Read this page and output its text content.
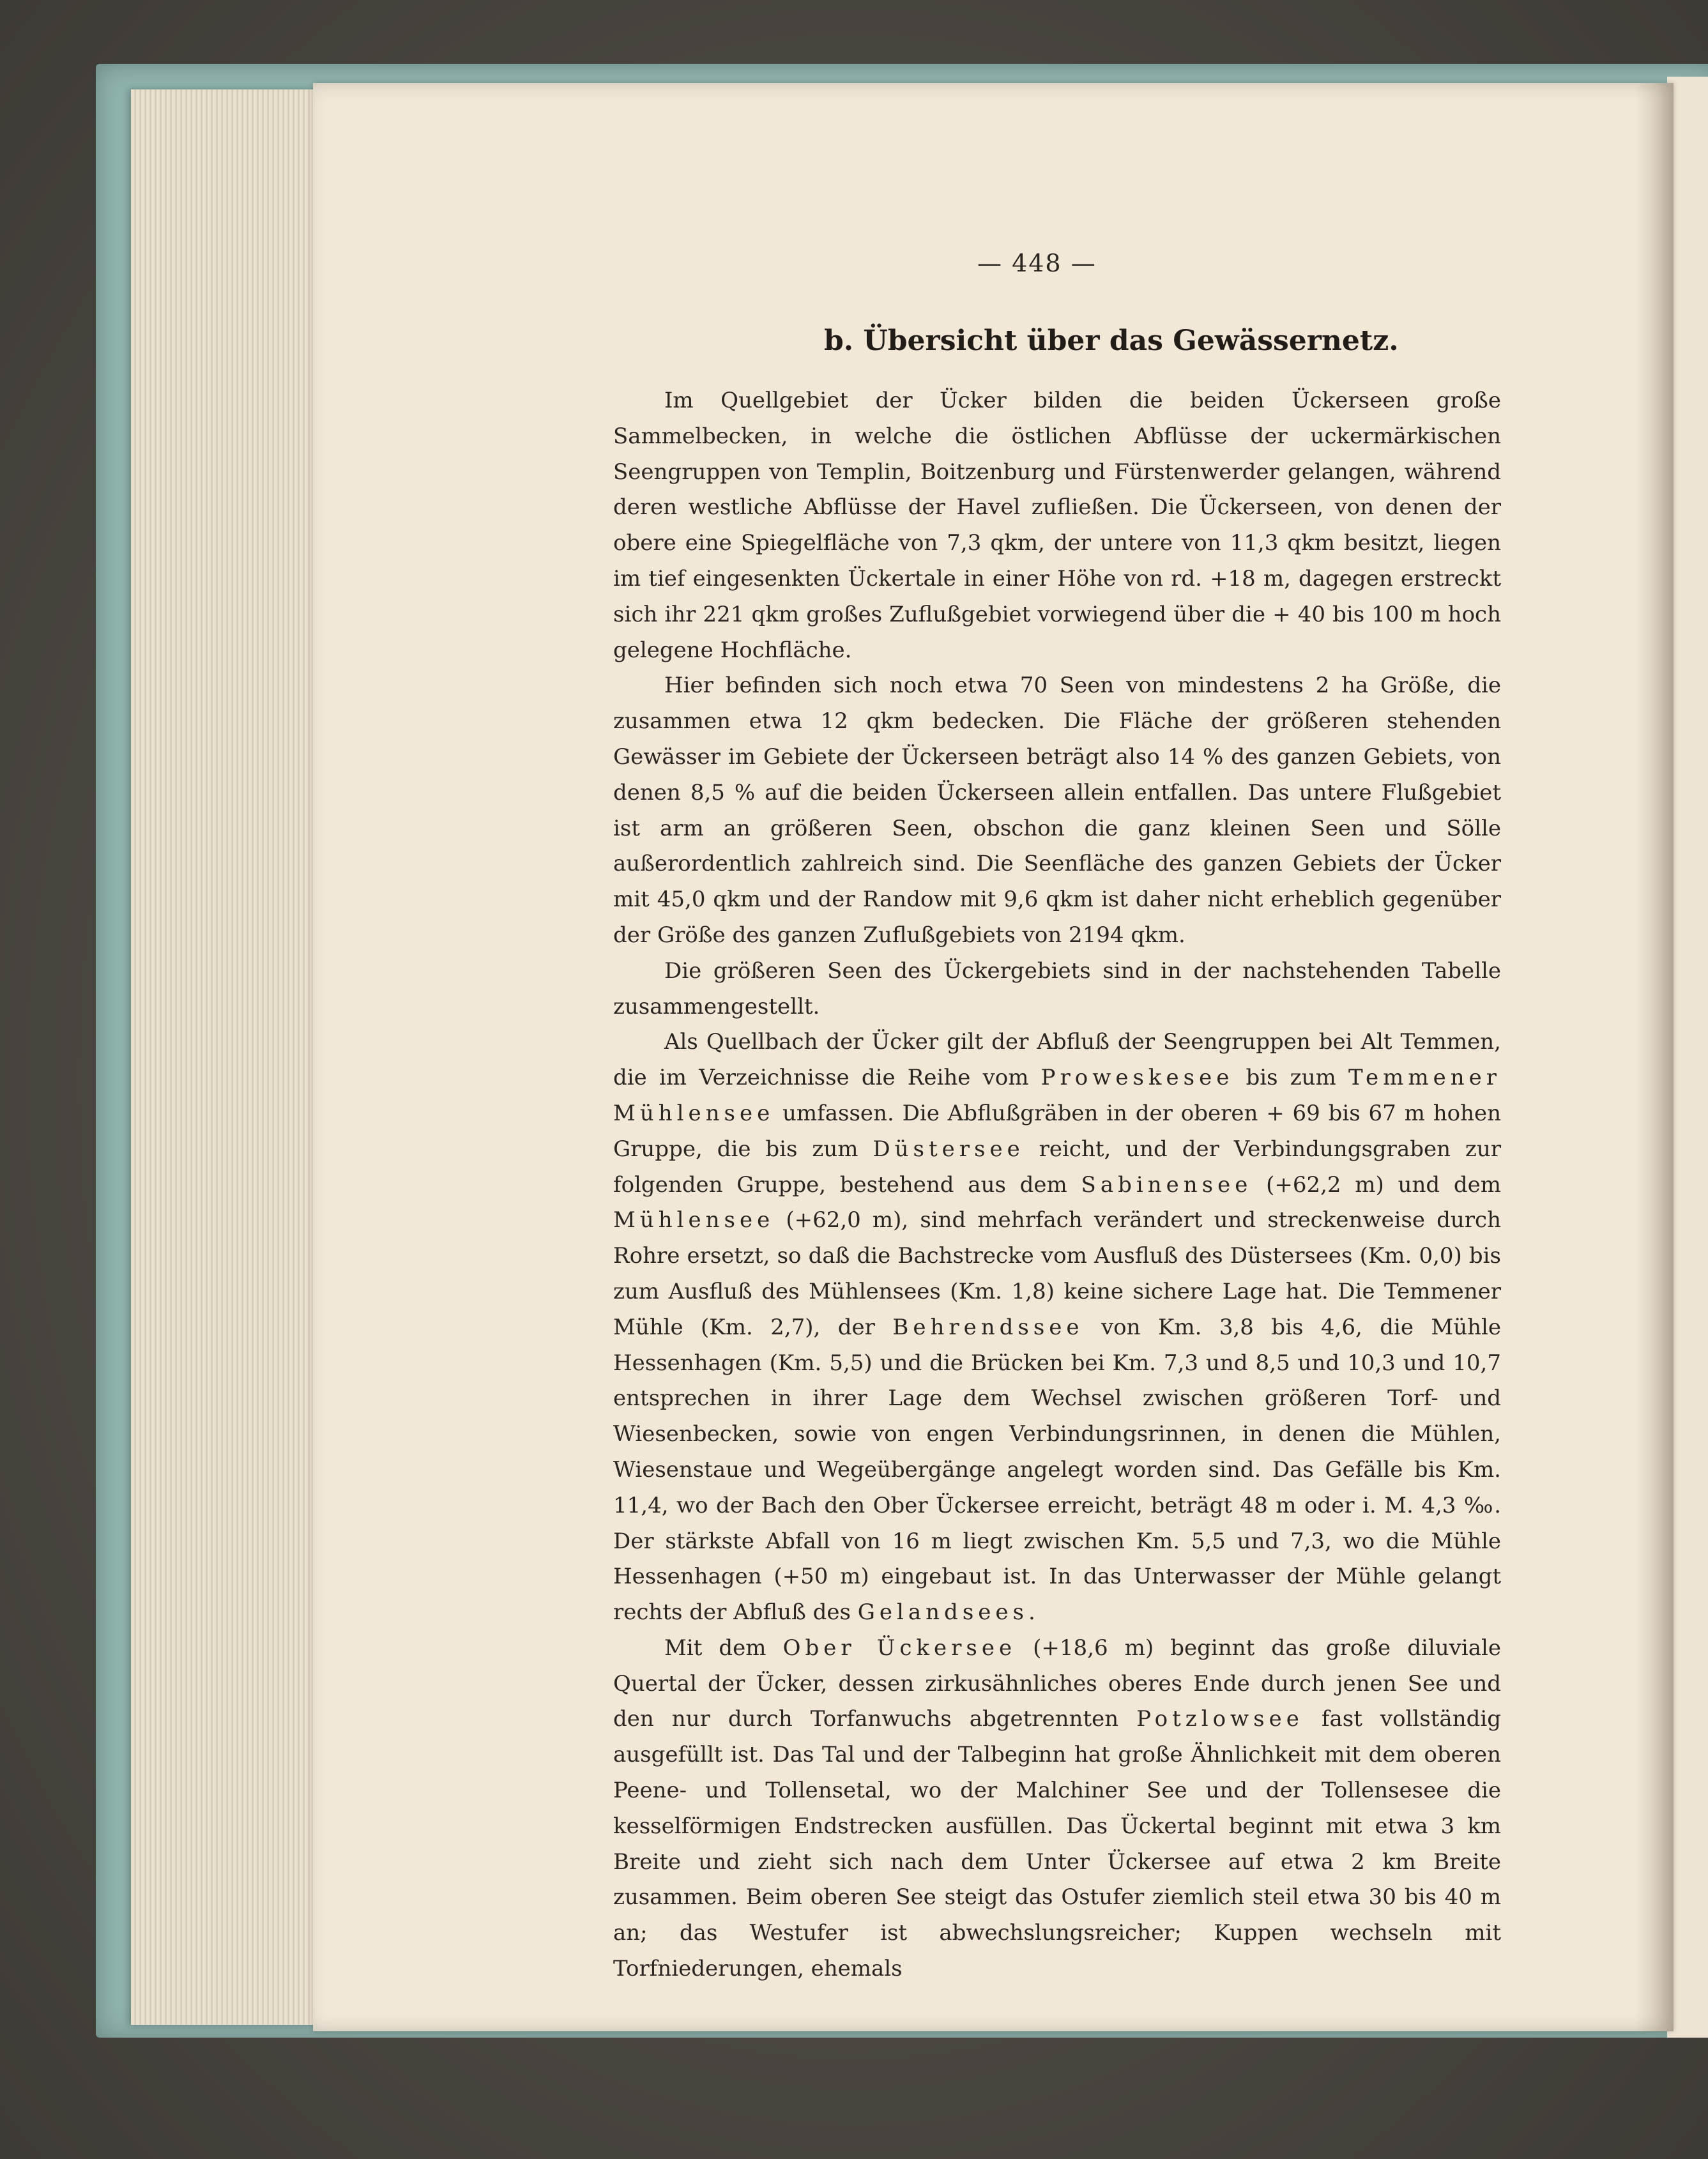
— 448 —
b. Übersicht über das Gewässernetz.

Im Quellgebiet der Ücker bilden die beiden Ückerseen große Sammelbecken, in welche die östlichen Abflüsse der uckermärkischen Seengruppen von Templin, Boitzenburg und Fürstenwerder gelangen, während deren westliche Abflüsse der Havel zufließen. Die Ückerseen, von denen der obere eine Spiegelfläche von 7,3 qkm, der untere von 11,3 qkm besitzt, liegen im tief eingesenkten Ückertale in einer Höhe von rd. +18 m, dagegen erstreckt sich ihr 221 qkm großes Zuflußgebiet vorwiegend über die + 40 bis 100 m hoch gelegene Hochfläche.

Hier befinden sich noch etwa 70 Seen von mindestens 2 ha Größe, die zusammen etwa 12 qkm bedecken. Die Fläche der größeren stehenden Gewässer im Gebiete der Ückerseen beträgt also 14 % des ganzen Gebiets, von denen 8,5 % auf die beiden Ückerseen allein entfallen. Das untere Flußgebiet ist arm an größeren Seen, obschon die ganz kleinen Seen und Sölle außerordentlich zahlreich sind. Die Seenfläche des ganzen Gebiets der Ücker mit 45,0 qkm und der Randow mit 9,6 qkm ist daher nicht erheblich gegenüber der Größe des ganzen Zuflußgebiets von 2194 qkm.

Die größeren Seen des Ückergebiets sind in der nachstehenden Tabelle zusammengestellt.

Als Quellbach der Ücker gilt der Abfluß der Seengruppen bei Alt Temmen, die im Verzeichnisse die Reihe vom Proweskesee bis zum Temmener Mühlensee umfassen. Die Abflußgräben in der oberen + 69 bis 67 m hohen Gruppe, die bis zum Düstersee reicht, und der Verbindungsgraben zur folgenden Gruppe, bestehend aus dem Sabinensee (+62,2 m) und dem Mühlensee (+62,0 m), sind mehrfach verändert und streckenweise durch Rohre ersetzt, so daß die Bachstrecke vom Ausfluß des Düstersees (Km. 0,0) bis zum Ausfluß des Mühlensees (Km. 1,8) keine sichere Lage hat. Die Temmener Mühle (Km. 2,7), der Behrendssee von Km. 3,8 bis 4,6, die Mühle Hessenhagen (Km. 5,5) und die Brücken bei Km. 7,3 und 8,5 und 10,3 und 10,7 entsprechen in ihrer Lage dem Wechsel zwischen größeren Torf- und Wiesenbecken, sowie von engen Verbindungsrinnen, in denen die Mühlen, Wiesenstaue und Wegeübergänge angelegt worden sind. Das Gefälle bis Km. 11,4, wo der Bach den Ober Ückersee erreicht, beträgt 48 m oder i. M. 4,3 ‰. Der stärkste Abfall von 16 m liegt zwischen Km. 5,5 und 7,3, wo die Mühle Hessenhagen (+50 m) eingebaut ist. In das Unterwasser der Mühle gelangt rechts der Abfluß des Gelandsees.

Mit dem Ober Ückersee (+18,6 m) beginnt das große diluviale Quertal der Ücker, dessen zirkusähnliches oberes Ende durch jenen See und den nur durch Torfanwuchs abgetrennten Potzlowsee fast vollständig ausgefüllt ist. Das Tal und der Talbeginn hat große Ähnlichkeit mit dem oberen Peene- und Tollensetal, wo der Malchiner See und der Tollensesee die kesselförmigen Endstrecken ausfüllen. Das Ückertal beginnt mit etwa 3 km Breite und zieht sich nach dem Unter Ückersee auf etwa 2 km Breite zusammen. Beim oberen See steigt das Ostufer ziemlich steil etwa 30 bis 40 m an; das Westufer ist abwechslungsreicher; Kuppen wechseln mit Torfniederungen, ehemals
